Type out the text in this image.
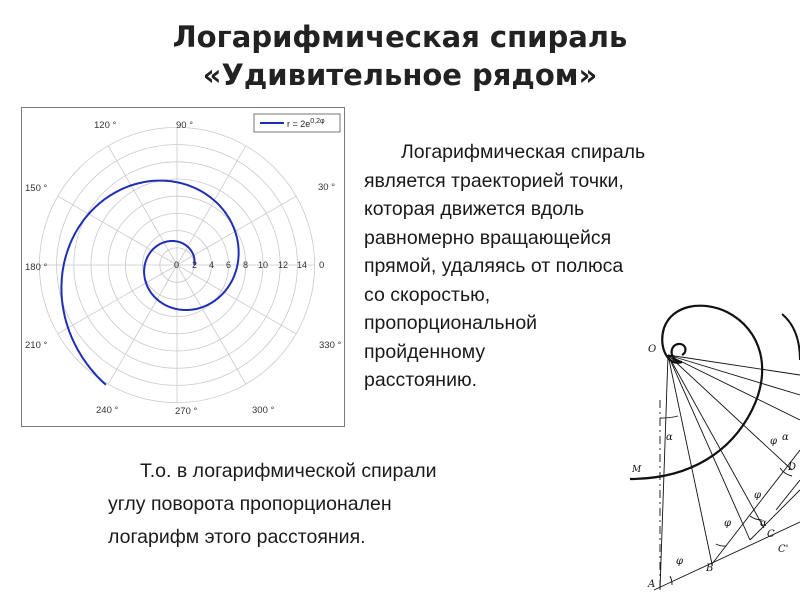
Логарифмическая спираль
«Удивительное рядом»
0 2 4 6 8 10 12 14 0
30 °
90 °
120 °
150 °
180 °
210 °
240 °	270 °	300 °
330 °
$r = 2e^{0,2\varphi}$
Логарифмическая спираль
является траекторией точки,
которая движется вдоль
равномерно вращающейся
прямой, удаляясь от полюса
со скоростью,
пропорциональной
пройденному
расстоянию.
Т.о. в логарифмической спирали
углу поворота пропорционален
логарифм этого расстояния.
O
A
B
C
C'
D
M
α
φ
φ
φ
φ
α
α
